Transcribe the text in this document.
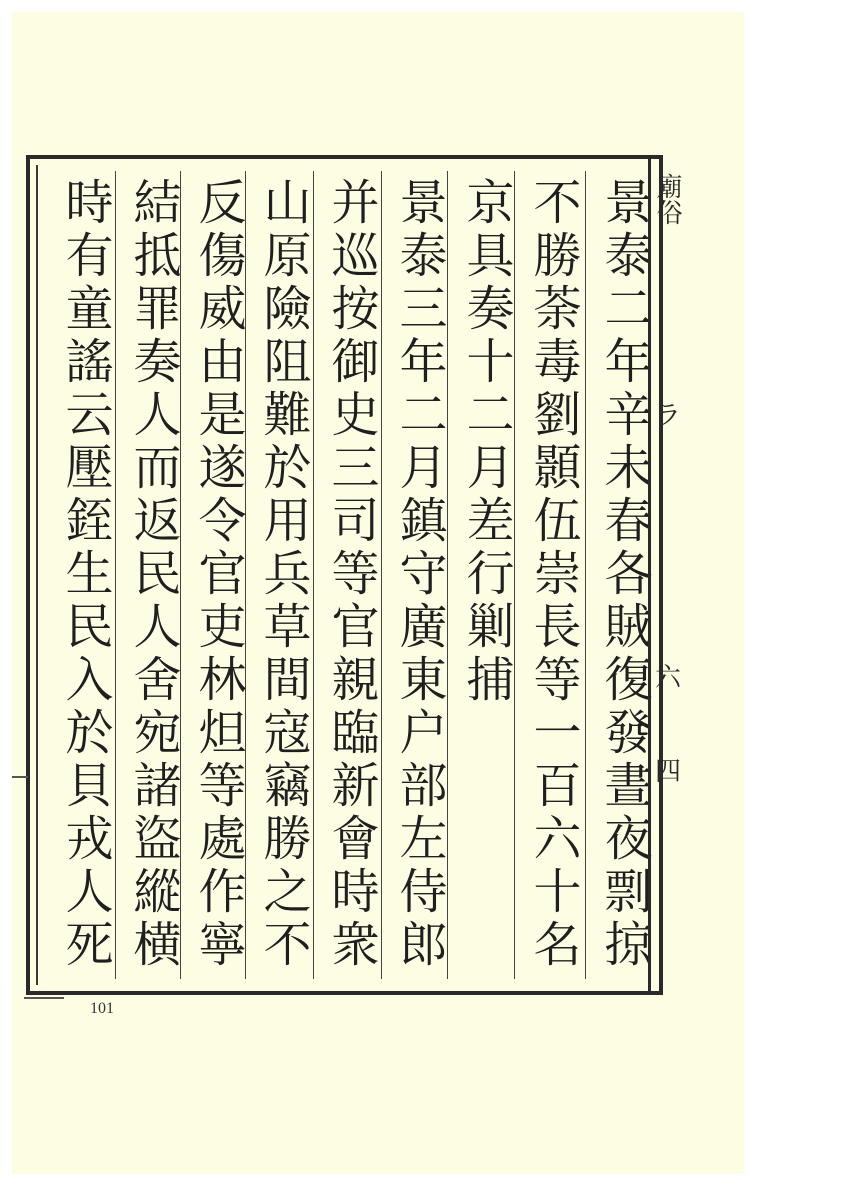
景泰二年辛未春各賊復發晝夜剽掠
不勝荼毒劉顥伍崇長等一百六十名
京具奏十二月差行剿捕
景泰三年二月鎮守廣東户部左侍郎
并巡按御史三司等官親臨新會時衆
山原險阻難於用兵草間寇竊勝之不
反傷威由是遂令官吏林炟等處作寧
結抵罪奏人而返民人舍宛諸盜縱横
時有童謠云壓銍生民入於貝戎人死
廟俗
ラ
六
四
101
